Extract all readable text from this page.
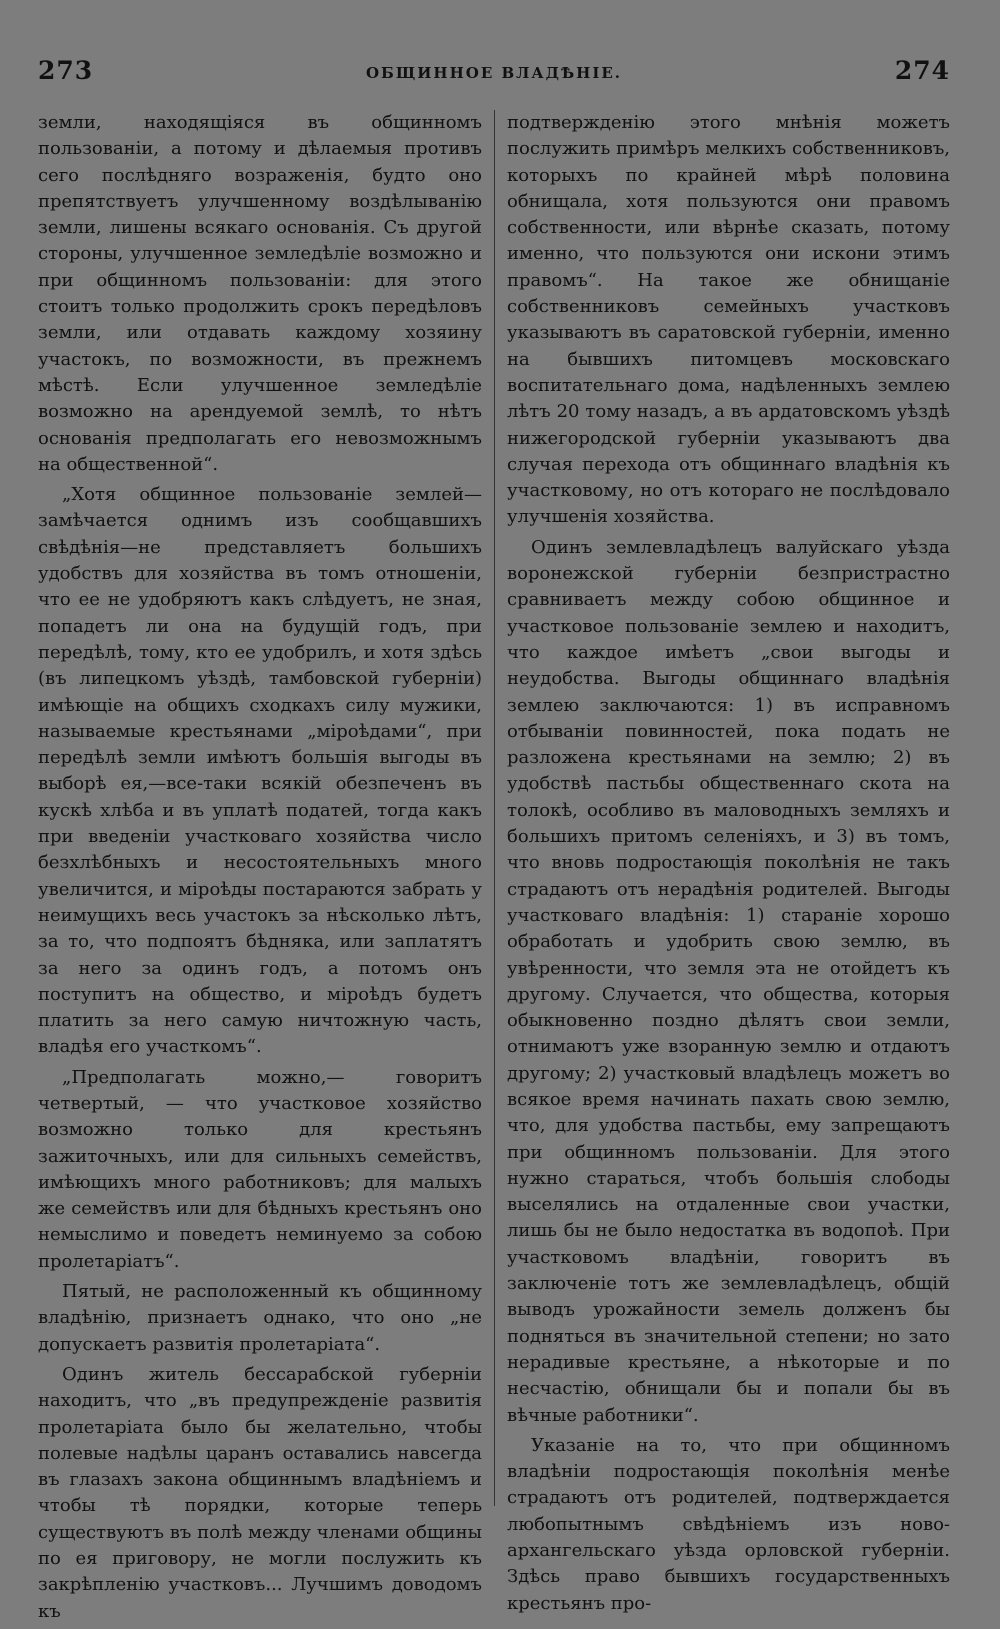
273	ОБЩИННОЕ ВЛАДѢНІЕ.	274

земли, находящіяся въ общинномъ пользованіи, а потому и дѣлаемыя противъ сего послѣдняго возраженія, будто оно препятствуетъ улучшенному воздѣлыванію земли, лишены всякаго основанія. Съ другой стороны, улучшенное земледѣліе возможно и при общинномъ пользованіи: для этого стоитъ только продолжить срокъ передѣловъ земли, или отдавать каждому хозяину участокъ, по возможности, въ прежнемъ мѣстѣ. Если улучшенное земледѣліе возможно на арендуемой землѣ, то нѣтъ основанія предполагать его невозможнымъ на общественной“.

„Хотя общинное пользованіе землей—замѣчается однимъ изъ сообщавшихъ свѣдѣнія—не представляетъ большихъ удобствъ для хозяйства въ томъ отношеніи, что ее не удобряютъ какъ слѣдуетъ, не зная, попадетъ ли она на будущій годъ, при передѣлѣ, тому, кто ее удобрилъ, и хотя здѣсь (въ липецкомъ уѣздѣ, тамбовской губерніи) имѣющіе на общихъ сходкахъ силу мужики, называемые крестьянами „міроѣдами“, при передѣлѣ земли имѣютъ большія выгоды въ выборѣ ея,—все-таки всякій обезпеченъ въ кускѣ хлѣба и въ уплатѣ податей, тогда какъ при введеніи участковаго хозяйства число безхлѣбныхъ и несостоятельныхъ много увеличится, и міроѣды постараются забрать у неимущихъ весь участокъ за нѣсколько лѣтъ, за то, что подпоятъ бѣдняка, или заплатятъ за него за одинъ годъ, а потомъ онъ поступитъ на общество, и міроѣдъ будетъ платить за него самую ничтожную часть, владѣя его участкомъ“.

„Предполагать можно,— говоритъ четвертый, — что участковое хозяйство возможно только для крестьянъ зажиточныхъ, или для сильныхъ семействъ, имѣющихъ много работниковъ; для малыхъ же семействъ или для бѣдныхъ крестьянъ оно немыслимо и поведетъ неминуемо за собою пролетаріатъ“.

Пятый, не расположенный къ общинному владѣнію, признаетъ однако, что оно „не допускаетъ развитія пролетаріата“.

Одинъ житель бессарабской губерніи находитъ, что „въ предупрежденіе развитія пролетаріата было бы желательно, чтобы полевые надѣлы царанъ оставались навсегда въ глазахъ закона общиннымъ владѣніемъ и чтобы тѣ порядки, которые теперь существуютъ въ полѣ между членами общины по ея приговору, не могли послужить къ закрѣпленію участковъ... Лучшимъ доводомъ къ

подтвержденію этого мнѣнія можетъ послужить примѣръ мелкихъ собственниковъ, которыхъ по крайней мѣрѣ половина обнищала, хотя пользуются они правомъ собственности, или вѣрнѣе сказать, потому именно, что пользуются они искони этимъ правомъ“. На такое же обнищаніе собственниковъ семейныхъ участковъ указываютъ въ саратовской губерніи, именно на бывшихъ питомцевъ московскаго воспитательнаго дома, надѣленныхъ землею лѣтъ 20 тому назадъ, а въ ардатовскомъ уѣздѣ нижегородской губерніи указываютъ два случая перехода отъ общиннаго владѣнія къ участковому, но отъ котораго не послѣдовало улучшенія хозяйства.

Одинъ землевладѣлецъ валуйскаго уѣзда воронежской губерніи безпристрастно сравниваетъ между собою общинное и участковое пользованіе землею и находитъ, что каждое имѣетъ „свои выгоды и неудобства. Выгоды общиннаго владѣнія землею заключаются: 1) въ исправномъ отбываніи повинностей, пока подать не разложена крестьянами на землю; 2) въ удобствѣ пастьбы общественнаго скота на толокѣ, особливо въ маловодныхъ земляхъ и большихъ притомъ селеніяхъ, и 3) въ томъ, что вновь подростающія поколѣнія не такъ страдаютъ отъ нерадѣнія родителей. Выгоды участковаго владѣнія: 1) стараніе хорошо обработать и удобрить свою землю, въ увѣренности, что земля эта не отойдетъ къ другому. Случается, что общества, которыя обыкновенно поздно дѣлятъ свои земли, отнимаютъ уже взоранную землю и отдаютъ другому; 2) участковый владѣлецъ можетъ во всякое время начинать пахать свою землю, что, для удобства пастьбы, ему запрещаютъ при общинномъ пользованіи. Для этого нужно стараться, чтобъ большія слободы выселялись на отдаленные свои участки, лишь бы не было недостатка въ водопоѣ. При участковомъ владѣніи, говоритъ въ заключеніе тотъ же землевладѣлецъ, общій выводъ урожайности земель долженъ бы подняться въ значительной степени; но зато нерадивые крестьяне, а нѣкоторые и по несчастію, обнищали бы и попали бы въ вѣчные работники“.

Указаніе на то, что при общинномъ владѣніи подростающія поколѣнія менѣе страдаютъ отъ родителей, подтверждается любопытнымъ свѣдѣніемъ изъ ново-архангельскаго уѣзда орловской губерніи. Здѣсь право бывшихъ государственныхъ крестьянъ про-
